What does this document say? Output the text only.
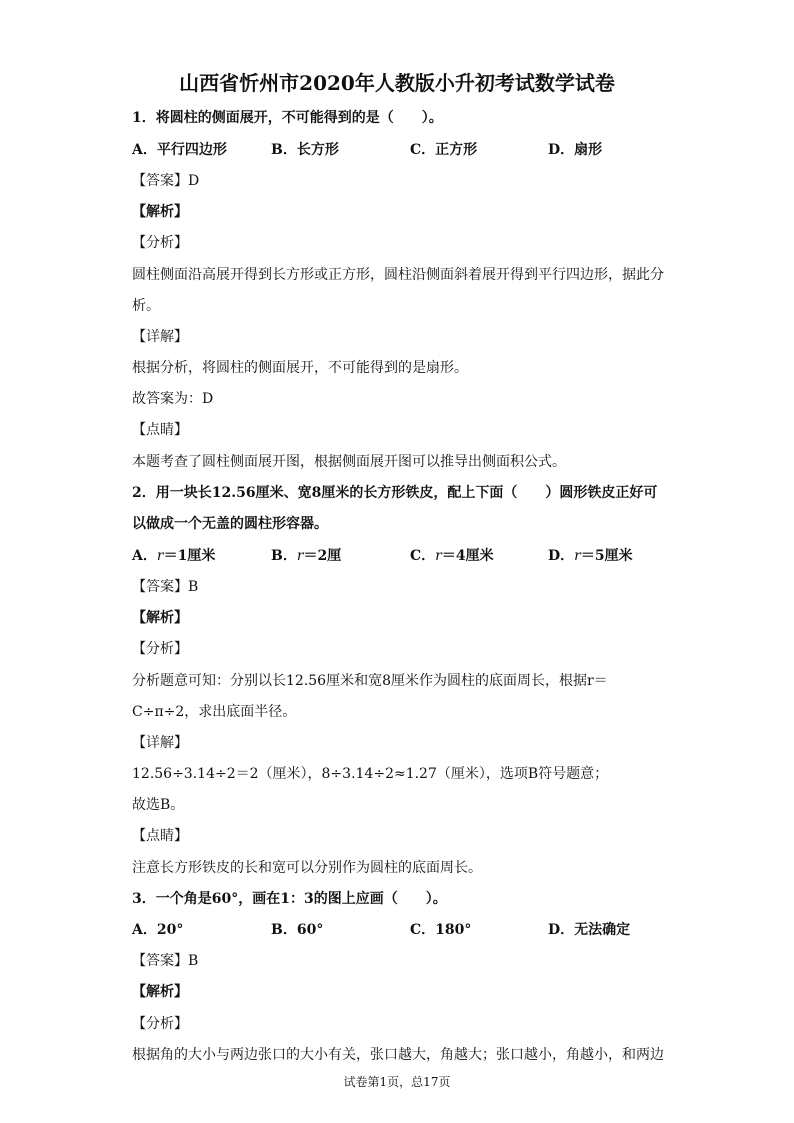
山西省忻州市2020年人教版小升初考试数学试卷
1．将圆柱的侧面展开，不可能得到的是（　　）。
A．平行四边形	B．长方形	C．正方形	D．扇形
【答案】D
【解析】
【分析】
圆柱侧面沿高展开得到长方形或正方形，圆柱沿侧面斜着展开得到平行四边形，据此分
析。
【详解】
根据分析，将圆柱的侧面展开，不可能得到的是扇形。
故答案为：D
【点睛】
本题考查了圆柱侧面展开图，根据侧面展开图可以推导出侧面积公式。
2．用一块长12.56厘米、宽8厘米的长方形铁皮，配上下面（　　）圆形铁皮正好可
以做成一个无盖的圆柱形容器。
A．r＝1厘米	B．r＝2厘	C．r＝4厘米	D．r＝5厘米
【答案】B
【解析】
【分析】
分析题意可知：分别以长12.56厘米和宽8厘米作为圆柱的底面周长，根据r＝
C÷π÷2，求出底面半径。
【详解】
12.56÷3.14÷2＝2（厘米），8÷3.14÷2≈1.27（厘米），选项B符号题意；
故选B。
【点睛】
注意长方形铁皮的长和宽可以分别作为圆柱的底面周长。
3．一个角是60°，画在1：3的图上应画（　　）。
A．20°	B．60°	C．180°	D．无法确定
【答案】B
【解析】
【分析】
根据角的大小与两边张口的大小有关，张口越大，角越大；张口越小，角越小，和两边
试卷第1页，总17页
